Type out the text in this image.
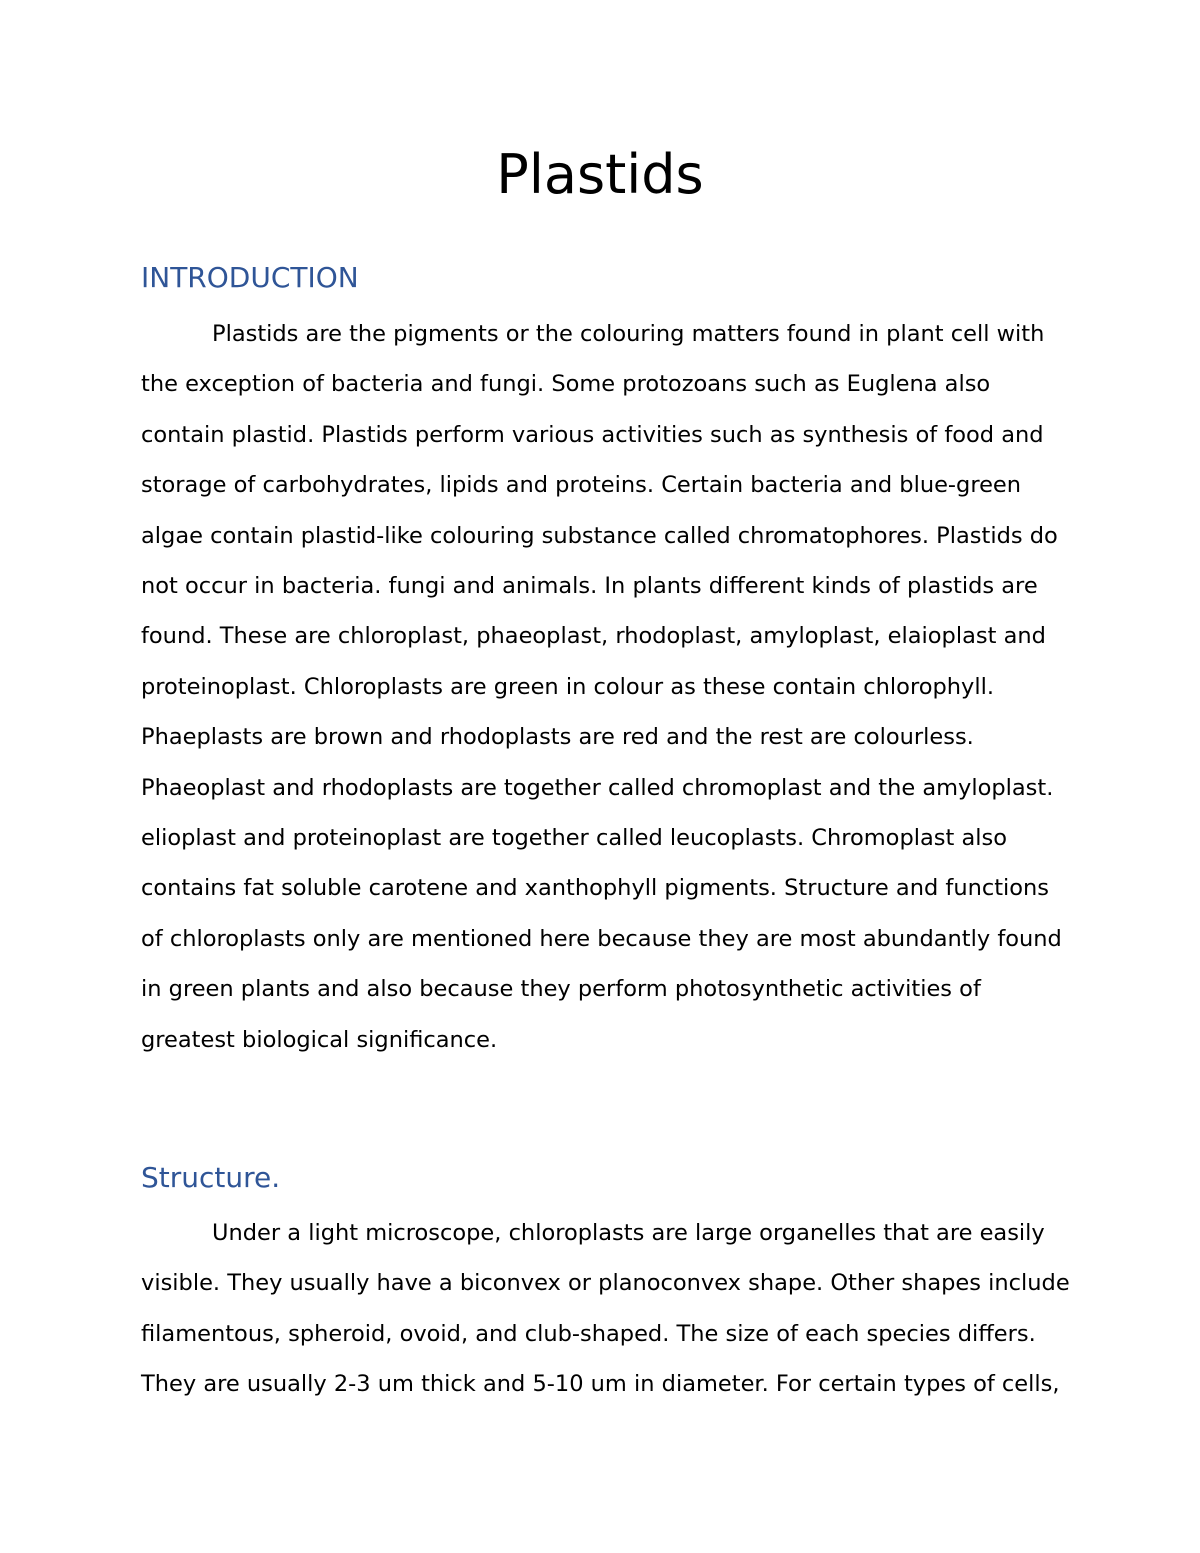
Plastids
INTRODUCTION

Plastids are the pigments or the colouring matters found in plant cell with the exception of bacteria and fungi. Some protozoans such as Euglena also contain plastid. Plastids perform various activities such as synthesis of food and storage of carbohydrates, lipids and proteins. Certain bacteria and blue-green algae contain plastid-like colouring substance called chromatophores. Plastids do not occur in bacteria. fungi and animals. In plants different kinds of plastids are found. These are chloroplast, phaeoplast, rhodoplast, amyloplast, elaioplast and proteinoplast. Chloroplasts are green in colour as these contain chlorophyll. Phaeplasts are brown and rhodoplasts are red and the rest are colourless. Phaeoplast and rhodoplasts are together called chromoplast and the amyloplast. elioplast and proteinoplast are together called leucoplasts. Chromoplast also contains fat soluble carotene and xanthophyll pigments. Structure and functions of chloroplasts only are mentioned here because they are most abundantly found in green plants and also because they perform photosynthetic activities of greatest biological significance.

Structure.

Under a light microscope, chloroplasts are large organelles that are easily visible. They usually have a biconvex or planoconvex shape. Other shapes include filamentous, spheroid, ovoid, and club-shaped. The size of each species differs. They are usually 2-3 um thick and 5-10 um in diameter. For certain types of cells,
